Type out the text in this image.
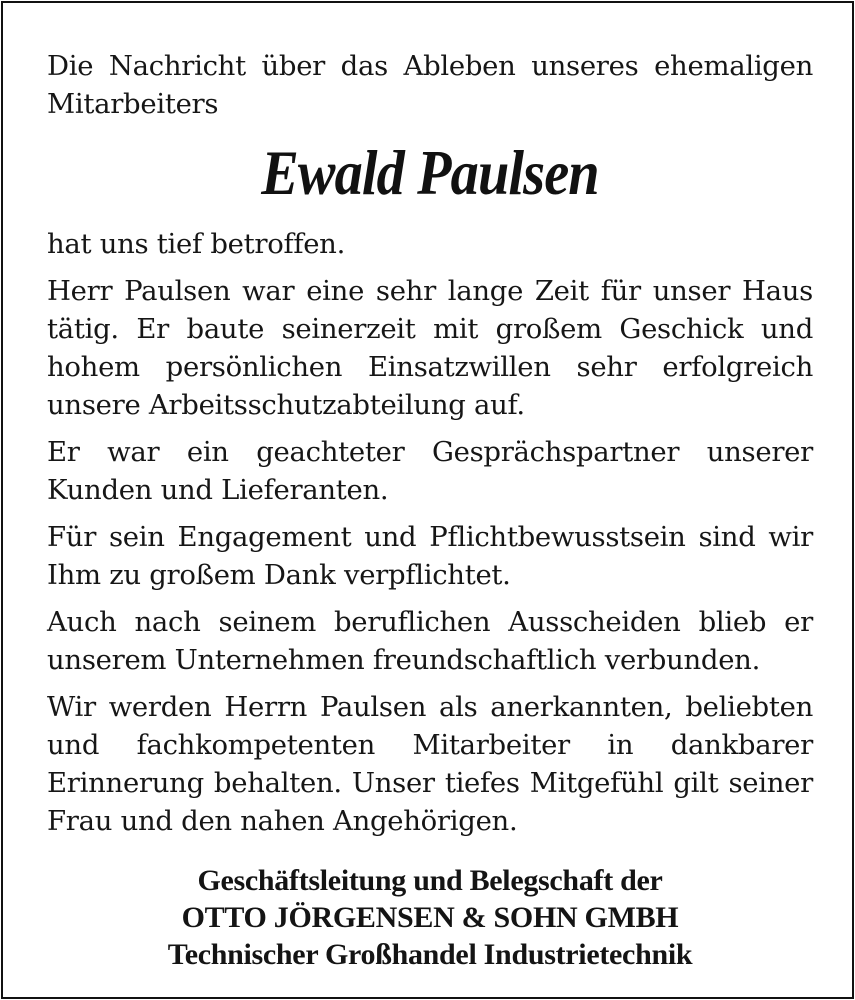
Die Nachricht über das Ableben unseres ehemaligen Mitarbeiters

Ewald Paulsen

hat uns tief betroffen.

Herr Paulsen war eine sehr lange Zeit für unser Haus tätig. Er baute seinerzeit mit großem Geschick und hohem persönlichen Einsatzwillen sehr erfolgreich unsere Arbeitsschutzabteilung auf.

Er war ein geachteter Gesprächspartner unserer Kunden und Lieferanten.

Für sein Engagement und Pflichtbewusstsein sind wir Ihm zu großem Dank verpflichtet.

Auch nach seinem beruflichen Ausscheiden blieb er unserem Unternehmen freundschaftlich verbunden.

Wir werden Herrn Paulsen als anerkannten, beliebten und fachkompetenten Mitarbeiter in dankbarer Erinnerung behalten. Unser tiefes Mitgefühl gilt seiner Frau und den nahen Angehörigen.

Geschäftsleitung und Belegschaft der
OTTO JÖRGENSEN & SOHN GMBH
Technischer Großhandel Industrietechnik
